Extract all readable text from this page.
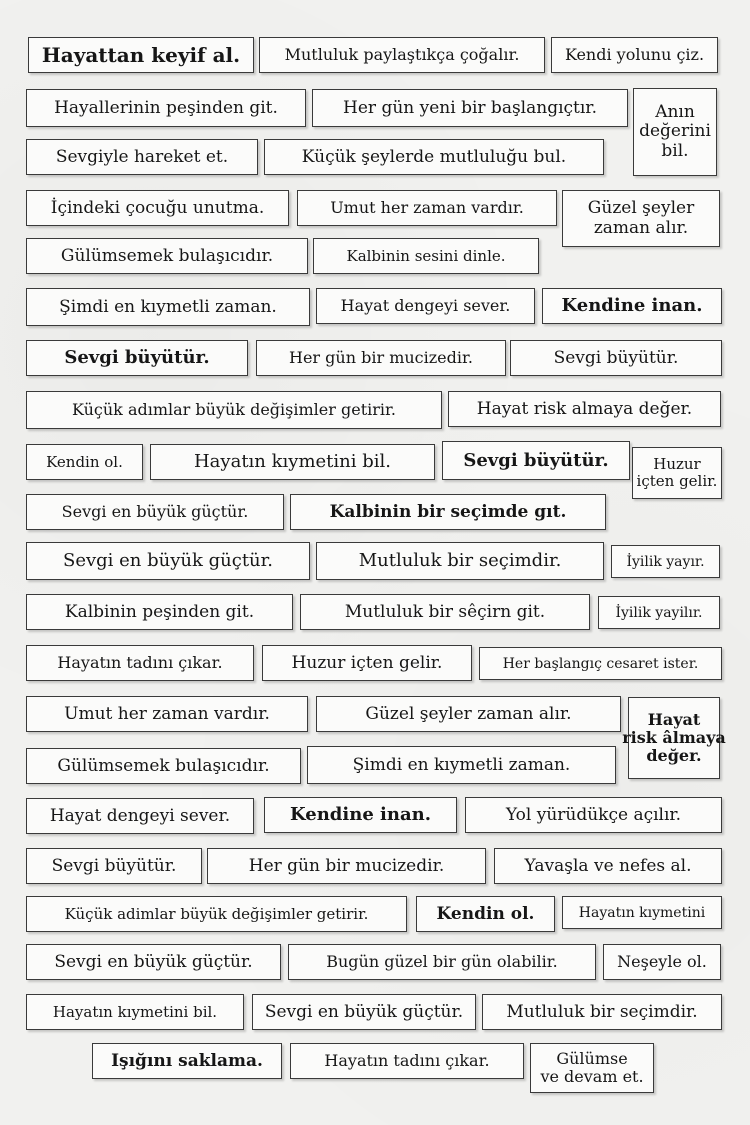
Hayattan keyif al.	Mutluluk paylaştıkça çoğalır.	Kendi yolunu çiz.
Hayallerinin peşinden git.	Her gün yeni bir başlangıçtır.	Anın
değerini
bil.
Sevgiyle hareket et.	Küçük şeylerde mutluluğu bul.
İçindeki çocuğu unutma.	Umut her zaman vardır.	Güzel şeyler
zaman alır.
Gülümsemek bulaşıcıdır.	Kalbinin sesini dinle.
Şimdi en kıymetli zaman.	Hayat dengeyi sever.	Kendine inan.
Sevgi büyütür.	Her gün bir mucizedir.	Sevgi büyütür.
Küçük adımlar büyük değişimler getirir.	Hayat risk almaya değer.
Kendin ol.	Hayatın kıymetini bil.	Sevgi büyütür.	Huzur
içten gelir.
Sevgi en büyük güçtür.	Kalbinin bir seçimde gıt.
Sevgi en büyük güçtür.	Mutluluk bir seçimdir.	İyilik yayır.
Kalbinin peşinden git.	Mutluluk bir sêçirn git.	İyilik yayilır.
Hayatın tadını çıkar.	Huzur içten gelir.	Her başlangıç cesaret ister.
Umut her zaman vardır.	Güzel şeyler zaman alır.	Hayat
risk âlmaya
değer.
Gülümsemek bulaşıcıdır.	Şimdi en kıymetli zaman.
Hayat dengeyi sever.	Kendine inan.	Yol yürüdükçe açılır.
Sevgi büyütür.	Her gün bir mucizedir.	Yavaşla ve nefes al.
Küçük adimlar büyük değişimler getirir.	Kendin ol.	Hayatın kıymetini
Sevgi en büyük güçtür.	Bugün güzel bir gün olabilir.	Neşeyle ol.
Hayatın kıymetini bil.	Sevgi en büyük güçtür.	Mutluluk bir seçimdir.
Işığını saklama.	Hayatın tadını çıkar.	Gülümse
ve devam et.
